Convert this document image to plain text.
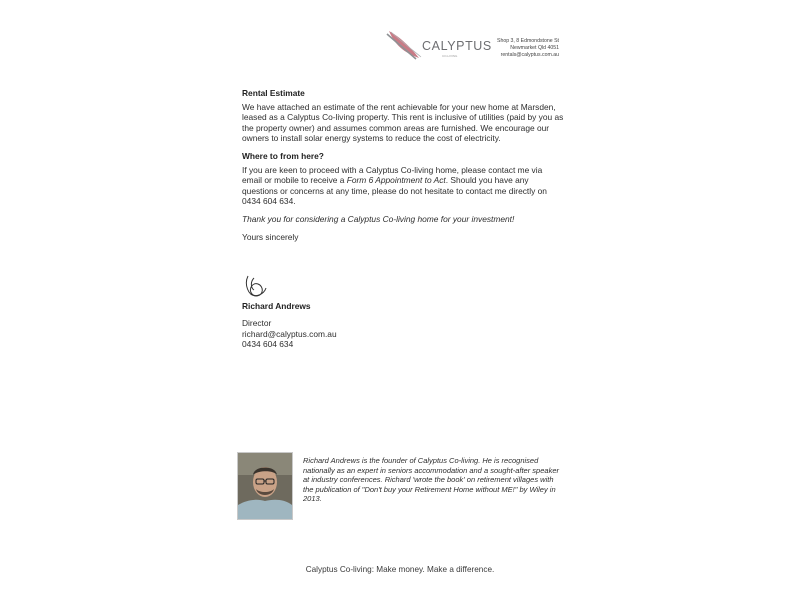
CALYPTUS
CO-LIVING
Shop 3, 8 Edmondstone St
Newmarket Qld 4051
rentals@calyptus.com.au
Rental Estimate

We have attached an estimate of the rent achievable for your new home at Marsden, leased as a Calyptus Co-living property. This rent is inclusive of utilities (paid by you as the property owner) and assumes common areas are furnished. We encourage our owners to install solar energy systems to reduce the cost of electricity.

Where to from here?

If you are keen to proceed with a Calyptus Co-living home, please contact me via email or mobile to receive a Form 6 Appointment to Act. Should you have any questions or concerns at any time, please do not hesitate to contact me directly on 0434 604 634.

Thank you for considering a Calyptus Co-living home for your investment!

Yours sincerely

Richard Andrews
Director
richard@calyptus.com.au
0434 604 634
Richard Andrews is the founder of Calyptus Co-living. He is recognised nationally as an expert in seniors accommodation and a sought-after speaker at industry conferences. Richard 'wrote the book' on retirement villages with the publication of "Don't buy your Retirement Home without ME!" by Wiley in 2013.
Calyptus Co-living: Make money. Make a difference.
